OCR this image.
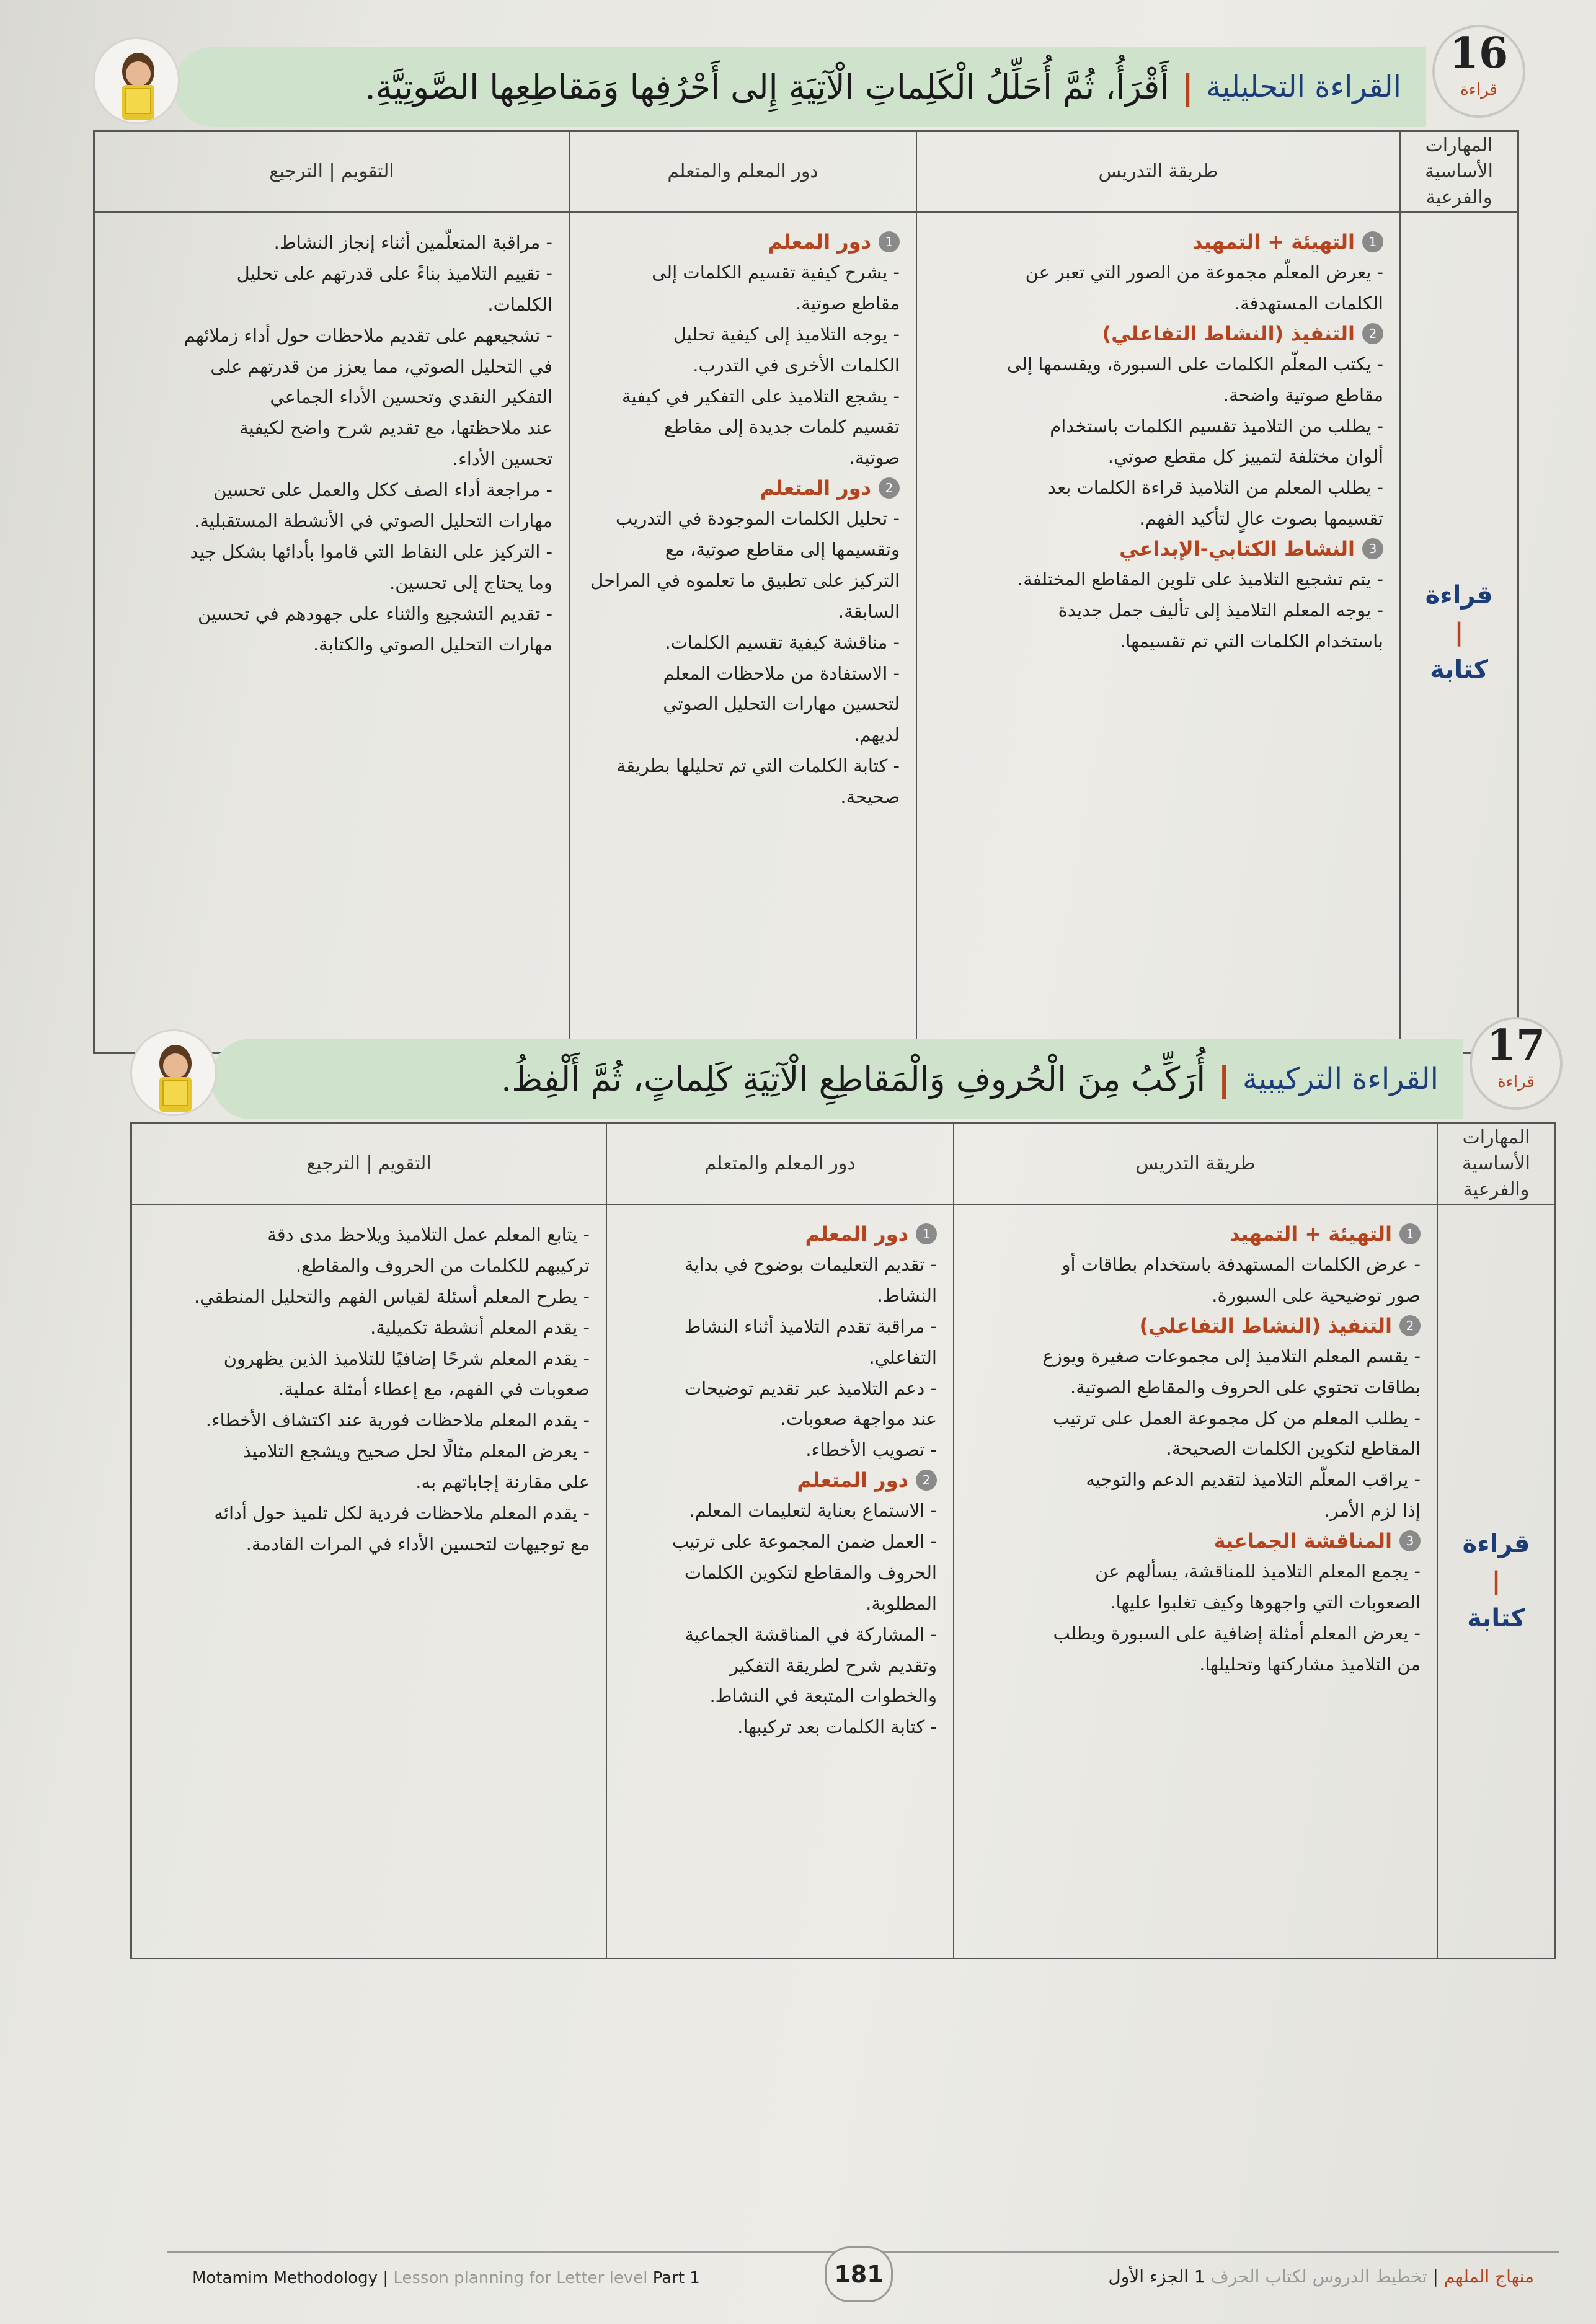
القراءة التحليلية
|
أَقْرَأُ، ثُمَّ أُحَلِّلُ الْكَلِماتِ الْآتِيَةِ إِلى أَحْرُفِها وَمَقاطِعِها الصَّوتِيَّةِ.
16
قراءة
المهارات الأساسية والفرعية
طريقة التدريس
دور المعلم والمتعلم
التقويم | الترجيع
قراءة |
كتابة
1
التهيئة + التمهيد
- يعرض المعلّم مجموعة من الصور التي تعبر عن
الكلمات المستهدفة.
2
التنفيذ (النشاط التفاعلي)
- يكتب المعلّم الكلمات على السبورة، ويقسمها إلى
مقاطع صوتية واضحة.
- يطلب من التلاميذ تقسيم الكلمات باستخدام
ألوان مختلفة لتمييز كل مقطع صوتي.
- يطلب المعلم من التلاميذ قراءة الكلمات بعد
تقسيمها بصوت عالٍ لتأكيد الفهم.
3
النشاط الكتابي-الإبداعي
- يتم تشجيع التلاميذ على تلوين المقاطع المختلفة.
- يوجه المعلم التلاميذ إلى تأليف جمل جديدة
باستخدام الكلمات التي تم تقسيمها.
1
دور المعلم
- يشرح كيفية تقسيم الكلمات إلى
مقاطع صوتية.
- يوجه التلاميذ إلى كيفية تحليل
الكلمات الأخرى في التدرب.
- يشجع التلاميذ على التفكير في كيفية
تقسيم كلمات جديدة إلى مقاطع
صوتية.
2
دور المتعلم
- تحليل الكلمات الموجودة في التدريب
وتقسيمها إلى مقاطع صوتية، مع
التركيز على تطبيق ما تعلموه في المراحل
السابقة.
- مناقشة كيفية تقسيم الكلمات.
- الاستفادة من ملاحظات المعلم
لتحسين مهارات التحليل الصوتي
لديهم.
- كتابة الكلمات التي تم تحليلها بطريقة
صحيحة.
- مراقبة المتعلّمين أثناء إنجاز النشاط.
- تقييم التلاميذ بناءً على قدرتهم على تحليل
الكلمات.
- تشجيعهم على تقديم ملاحظات حول أداء زملائهم
في التحليل الصوتي، مما يعزز من قدرتهم على
التفكير النقدي وتحسين الأداء الجماعي
عند ملاحظتها، مع تقديم شرح واضح لكيفية
تحسين الأداء.
- مراجعة أداء الصف ككل والعمل على تحسين
مهارات التحليل الصوتي في الأنشطة المستقبلية.
- التركيز على النقاط التي قاموا بأدائها بشكل جيد
وما يحتاج إلى تحسين.
- تقديم التشجيع والثناء على جهودهم في تحسين
مهارات التحليل الصوتي والكتابة.
القراءة التركيبية
|
أُرَكِّبُ مِنَ الْحُروفِ وَالْمَقاطِعِ الْآتِيَةِ كَلِماتٍ، ثُمَّ أَلْفِظُ.
17
قراءة
المهارات الأساسية والفرعية
طريقة التدريس
دور المعلم والمتعلم
التقويم | الترجيع
قراءة |
كتابة
1
التهيئة + التمهيد
- عرض الكلمات المستهدفة باستخدام بطاقات أو
صور توضيحية على السبورة.
2
التنفيذ (النشاط التفاعلي)
- يقسم المعلم التلاميذ إلى مجموعات صغيرة ويوزع
بطاقات تحتوي على الحروف والمقاطع الصوتية.
- يطلب المعلم من كل مجموعة العمل على ترتيب
المقاطع لتكوين الكلمات الصحيحة.
- يراقب المعلّم التلاميذ لتقديم الدعم والتوجيه
إذا لزم الأمر.
3
المناقشة الجماعية
- يجمع المعلم التلاميذ للمناقشة، يسألهم عن
الصعوبات التي واجهوها وكيف تغلبوا عليها.
- يعرض المعلم أمثلة إضافية على السبورة ويطلب
من التلاميذ مشاركتها وتحليلها.
1
دور المعلم
- تقديم التعليمات بوضوح في بداية
النشاط.
- مراقبة تقدم التلاميذ أثناء النشاط
التفاعلي.
- دعم التلاميذ عبر تقديم توضيحات
عند مواجهة صعوبات.
- تصويب الأخطاء.
2
دور المتعلم
- الاستماع بعناية لتعليمات المعلم.
- العمل ضمن المجموعة على ترتيب
الحروف والمقاطع لتكوين الكلمات
المطلوبة.
- المشاركة في المناقشة الجماعية
وتقديم شرح لطريقة التفكير
والخطوات المتبعة في النشاط.
- كتابة الكلمات بعد تركيبها.
- يتابع المعلم عمل التلاميذ ويلاحظ مدى دقة
تركيبهم للكلمات من الحروف والمقاطع.
- يطرح المعلم أسئلة لقياس الفهم والتحليل المنطقي.
- يقدم المعلم أنشطة تكميلية.
- يقدم المعلم شرحًا إضافيًا للتلاميذ الذين يظهرون
صعوبات في الفهم، مع إعطاء أمثلة عملية.
- يقدم المعلم ملاحظات فورية عند اكتشاف الأخطاء.
- يعرض المعلم مثالًا لحل صحيح ويشجع التلاميذ
على مقارنة إجاباتهم به.
- يقدم المعلم ملاحظات فردية لكل تلميذ حول أدائه
مع توجيهات لتحسين الأداء في المرات القادمة.
Motamim Methodology | Lesson planning for Letter level Part 1	181	منهاج الملهم | تخطيط الدروس لكتاب الحرف 1 الجزء الأول
